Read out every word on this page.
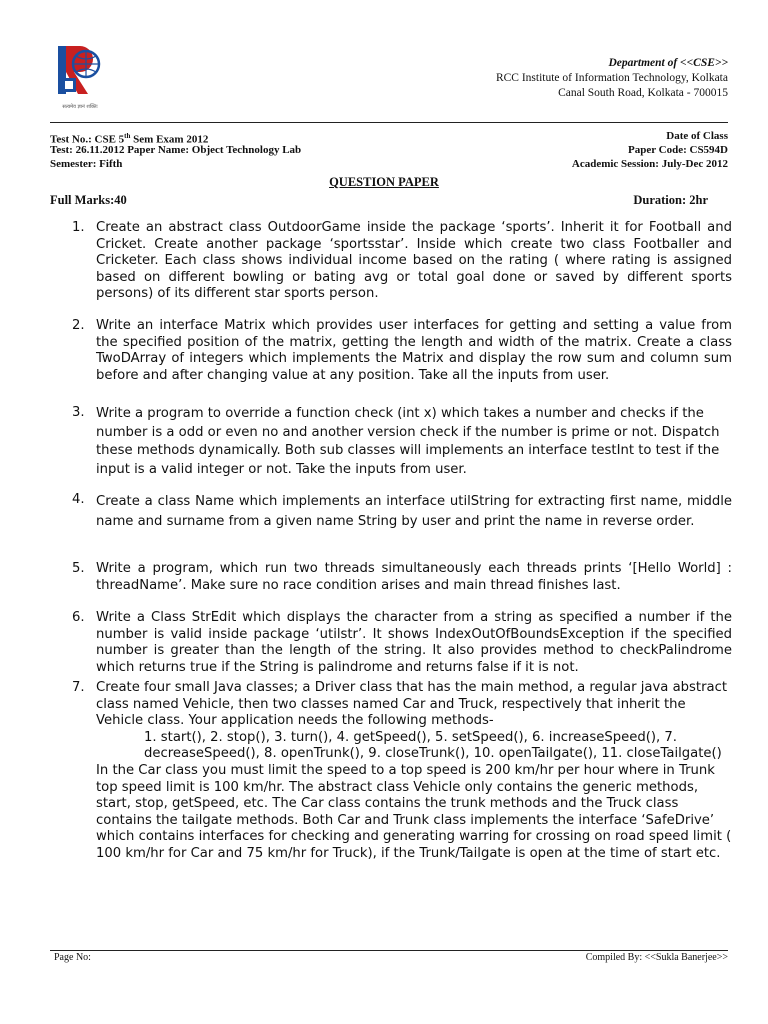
सत्यमेव ज्ञानं शक्तिः
Department of <<CSE>>
RCC Institute of Information Technology, Kolkata
Canal South Road, Kolkata - 700015
Test No.: CSE 5th Sem Exam 2012	Date of Class
Test: 26.11.2012 Paper Name: Object Technology Lab	Paper Code: CS594D
Semester: Fifth	Academic Session: July-Dec 2012
QUESTION PAPER
Full Marks:40	Duration: 2hr
1. Create an abstract class OutdoorGame inside the package ‘sports’. Inherit it for Football and Cricket. Create another package ‘sportsstar’. Inside which create two class Footballer and Cricketer. Each class shows individual income based on the rating ( where rating is assigned based on different bowling or bating avg or total goal done or saved by different sports persons) of its different star sports person.
2. Write an interface Matrix which provides user interfaces for getting and setting a value from the specified position of the matrix, getting the length and width of the matrix. Create a class TwoDArray of integers which implements the Matrix and display the row sum and column sum before and after changing value at any position. Take all the inputs from user.
3. Write a program to override a function check (int x) which takes a number and checks if the number is a odd or even no and another version check if the number is prime or not. Dispatch these methods dynamically. Both sub classes will implements an interface testInt to test if the input is a valid integer or not. Take the inputs from user.
4. Create a class Name which implements an interface utilString for extracting first name, middle name and surname from a given name String by user and print the name in reverse order.
5. Write a program, which run two threads simultaneously each threads prints ‘[Hello World] : threadName’. Make sure no race condition arises and main thread finishes last.
6. Write a Class StrEdit which displays the character from a string as specified a number if the number is valid inside package ‘utilstr’. It shows IndexOutOfBoundsException if the specified number is greater than the length of the string. It also provides method to checkPalindrome which returns true if the String is palindrome and returns false if it is not.
7. Create four small Java classes; a Driver class that has the main method, a regular java abstract class named Vehicle, then two classes named Car and Truck, respectively that inherit the Vehicle class. Your application needs the following methods-
1. start(), 2. stop(), 3. turn(), 4. getSpeed(), 5. setSpeed(), 6. increaseSpeed(), 7. decreaseSpeed(), 8. openTrunk(), 9. closeTrunk(), 10. openTailgate(), 11. closeTailgate()
In the Car class you must limit the speed to a top speed is 200 km/hr per hour where in Trunk top speed limit is 100 km/hr. The abstract class Vehicle only contains the generic methods, start, stop, getSpeed, etc. The Car class contains the trunk methods and the Truck class contains the tailgate methods. Both Car and Trunk class implements the interface ‘SafeDrive’ which contains interfaces for checking and generating warring for crossing on road speed limit ( 100 km/hr for Car and 75 km/hr for Truck), if the Trunk/Tailgate is open at the time of start etc.
Page No:	Compiled By: <<Sukla Banerjee>>
